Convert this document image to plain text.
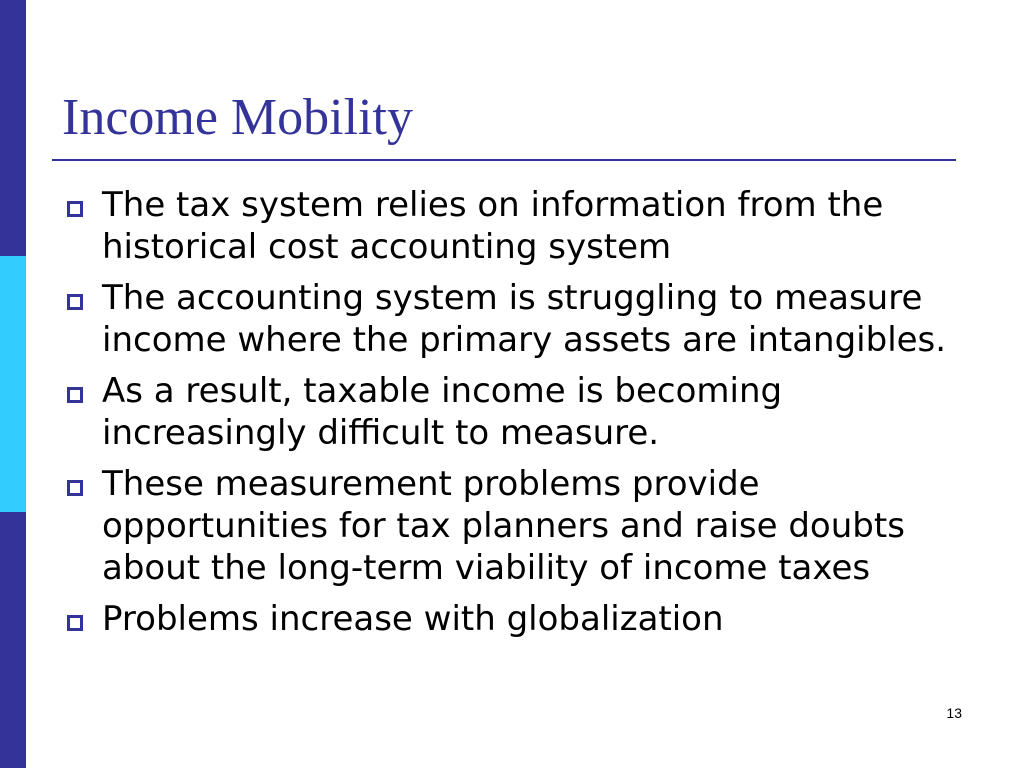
Income Mobility
The tax system relies on information from the historical cost accounting system
The accounting system is struggling to measure income where the primary assets are intangibles.
As a result, taxable income is becoming increasingly difficult to measure.
These measurement problems provide opportunities for tax planners and raise doubts about the long-term viability of income taxes
Problems increase with globalization
13
